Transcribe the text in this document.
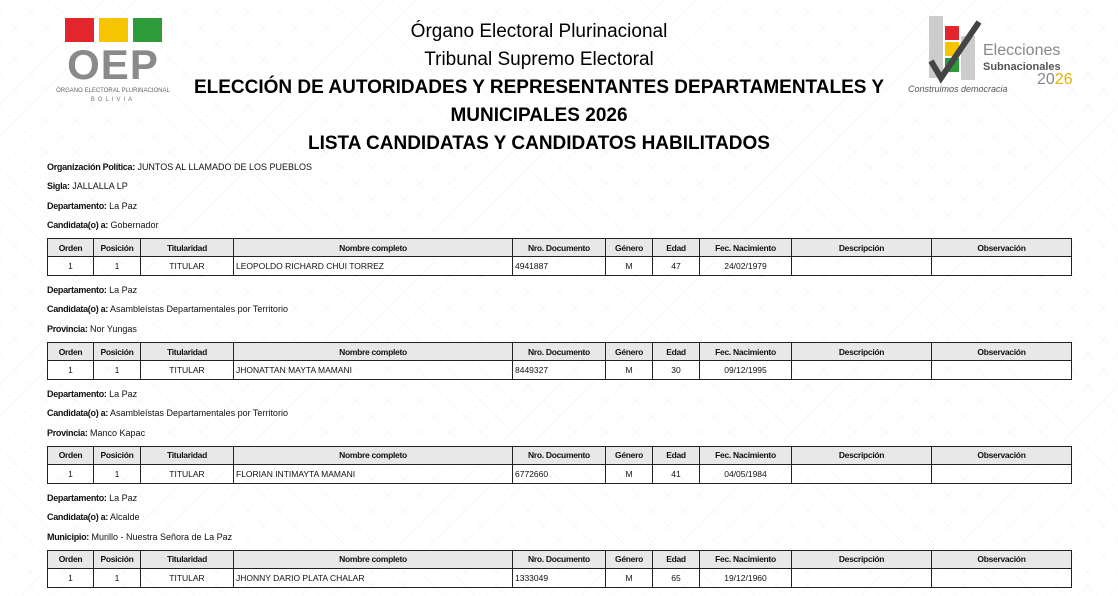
OEP
ÓRGANO ELECTORAL PLURINACIONAL
BOLIVIA
Órgano Electoral Plurinacional
Tribunal Supremo Electoral
ELECCIÓN DE AUTORIDADES Y REPRESENTANTES DEPARTAMENTALES Y MUNICIPALES 2026
LISTA CANDIDATAS Y CANDIDATOS HABILITADOS
Elecciones
Subnacionales
2026
Construimos democracia
Organización Política: JUNTOS AL LLAMADO DE LOS PUEBLOS
Sigla: JALLALLA LP
Departamento: La Paz
Candidata(o) a: Gobernador
Orden	Posición	Titularidad	Nombre completo	Nro. Documento	Género	Edad	Fec. Nacimiento	Descripción	Observación
1	1	TITULAR	LEOPOLDO RICHARD CHUI TORREZ	4941887	M	47	24/02/1979		
Departamento: La Paz
Candidata(o) a: Asambleístas Departamentales por Territorio
Provincia: Nor Yungas
Orden	Posición	Titularidad	Nombre completo	Nro. Documento	Género	Edad	Fec. Nacimiento	Descripción	Observación
1	1	TITULAR	JHONATTAN MAYTA MAMANI	8449327	M	30	09/12/1995		
Departamento: La Paz
Candidata(o) a: Asambleístas Departamentales por Territorio
Provincia: Manco Kapac
Orden	Posición	Titularidad	Nombre completo	Nro. Documento	Género	Edad	Fec. Nacimiento	Descripción	Observación
1	1	TITULAR	FLORIAN INTIMAYTA MAMANI	6772660	M	41	04/05/1984		
Departamento: La Paz
Candidata(o) a: Alcalde
Municipio: Murillo - Nuestra Señora de La Paz
Orden	Posición	Titularidad	Nombre completo	Nro. Documento	Género	Edad	Fec. Nacimiento	Descripción	Observación
1	1	TITULAR	JHONNY DARIO PLATA CHALAR	1333049	M	65	19/12/1960		
